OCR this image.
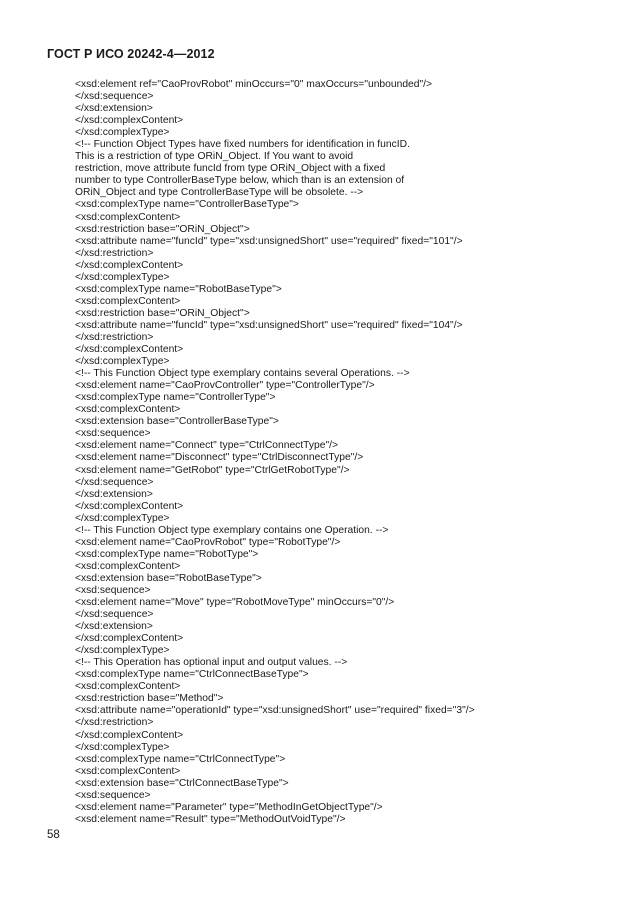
ГОСТ Р ИСО 20242-4—2012
<xsd:element ref="CaoProvRobot" minOccurs="0" maxOccurs="unbounded"/>
</xsd:sequence>
</xsd:extension>
</xsd:complexContent>
</xsd:complexType>
<!-- Function Object Types have fixed numbers for identification in funcID.
This is a restriction of type ORiN_Object. If You want to avoid
restriction, move attribute funcId from type ORiN_Object with a fixed
number to type ControllerBaseType below, which than is an extension of
ORiN_Object and type ControllerBaseType will be obsolete. -->
<xsd:complexType name="ControllerBaseType">
<xsd:complexContent>
<xsd:restriction base="ORiN_Object">
<xsd:attribute name="funcId" type="xsd:unsignedShort" use="required" fixed="101"/>
</xsd:restriction>
</xsd:complexContent>
</xsd:complexType>
<xsd:complexType name="RobotBaseType">
<xsd:complexContent>
<xsd:restriction base="ORiN_Object">
<xsd:attribute name="funcId" type="xsd:unsignedShort" use="required" fixed="104"/>
</xsd:restriction>
</xsd:complexContent>
</xsd:complexType>
<!-- This Function Object type exemplary contains several Operations. -->
<xsd:element name="CaoProvController" type="ControllerType"/>
<xsd:complexType name="ControllerType">
<xsd:complexContent>
<xsd:extension base="ControllerBaseType">
<xsd:sequence>
<xsd:element name="Connect" type="CtrlConnectType"/>
<xsd:element name="Disconnect" type="CtrlDisconnectType"/>
<xsd:element name="GetRobot" type="CtrlGetRobotType"/>
</xsd:sequence>
</xsd:extension>
</xsd:complexContent>
</xsd:complexType>
<!-- This Function Object type exemplary contains one Operation. -->
<xsd:element name="CaoProvRobot" type="RobotType"/>
<xsd:complexType name="RobotType">
<xsd:complexContent>
<xsd:extension base="RobotBaseType">
<xsd:sequence>
<xsd:element name="Move" type="RobotMoveType" minOccurs="0"/>
</xsd:sequence>
</xsd:extension>
</xsd:complexContent>
</xsd:complexType>
<!-- This Operation has optional input and output values. -->
<xsd:complexType name="CtrlConnectBaseType">
<xsd:complexContent>
<xsd:restriction base="Method">
<xsd:attribute name="operationId" type="xsd:unsignedShort" use="required" fixed="3"/>
</xsd:restriction>
</xsd:complexContent>
</xsd:complexType>
<xsd:complexType name="CtrlConnectType">
<xsd:complexContent>
<xsd:extension base="CtrlConnectBaseType">
<xsd:sequence>
<xsd:element name="Parameter" type="MethodInGetObjectType"/>
<xsd:element name="Result" type="MethodOutVoidType"/>
58
